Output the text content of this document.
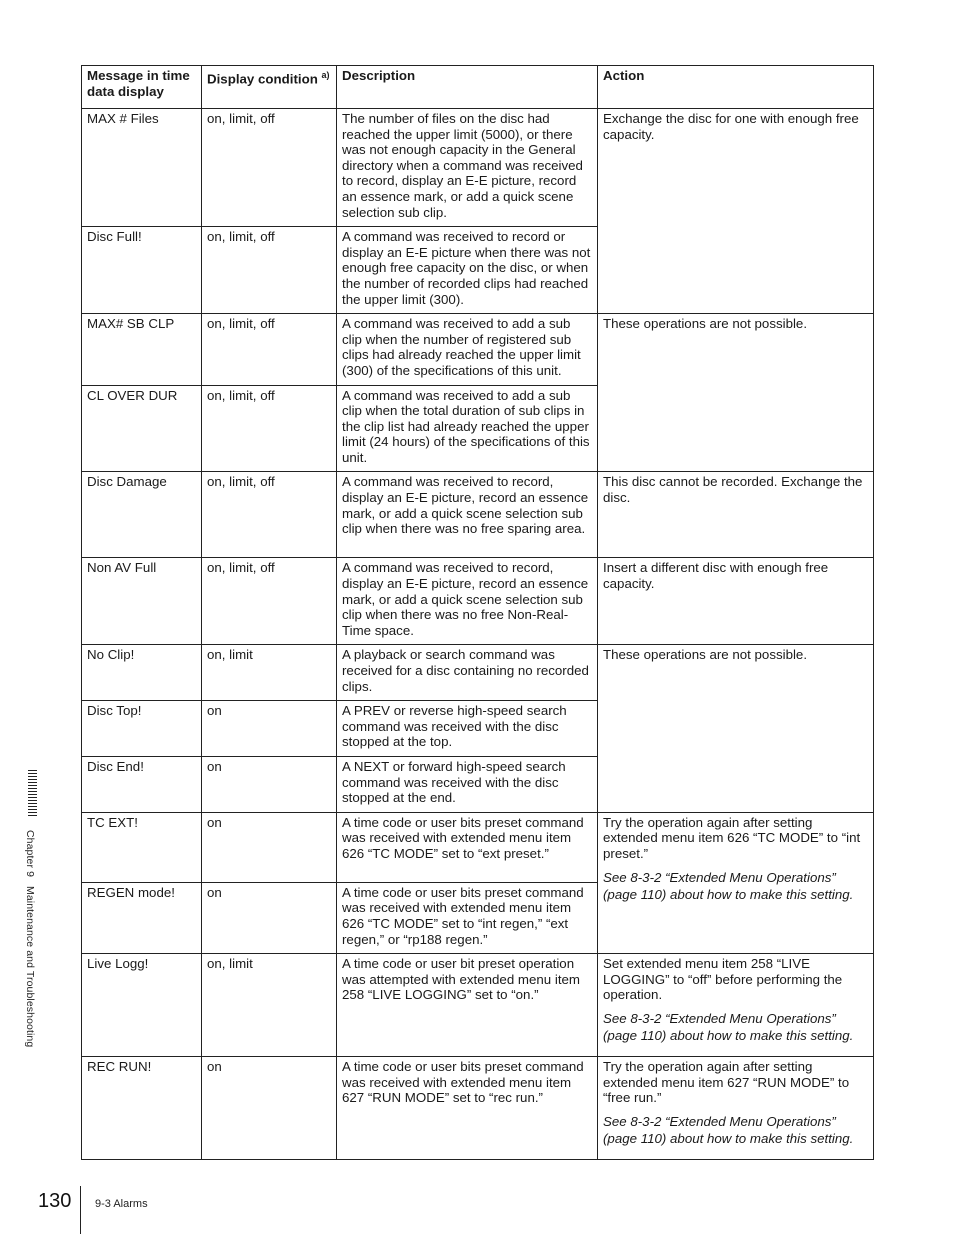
Message in time data display	Display condition $^{a)}$	Description	Action
MAX # Files	on, limit, off	The number of files on the disc had reached the upper limit (5000), or there was not enough capacity in the General directory when a command was received to record, display an E-E picture, record an essence mark, or add a quick scene selection sub clip.	Exchange the disc for one with enough free capacity.
Disc Full!	on, limit, off	A command was received to record or display an E-E picture when there was not enough free capacity on the disc, or when the number of recorded clips had reached the upper limit (300).	
MAX# SB CLP	on, limit, off	A command was received to add a sub clip when the number of registered sub clips had already reached the upper limit (300) of the specifications of this unit.	These operations are not possible.
CL OVER DUR	on, limit, off	A command was received to add a sub clip when the total duration of sub clips in the clip list had already reached the upper limit (24 hours) of the specifications of this unit.	
Disc Damage	on, limit, off	A command was received to record, display an E-E picture, record an essence mark, or add a quick scene selection sub clip when there was no free sparing area.	This disc cannot be recorded. Exchange the disc.
Non AV Full	on, limit, off	A command was received to record, display an E-E picture, record an essence mark, or add a quick scene selection sub clip when there was no free Non-Real-Time space.	Insert a different disc with enough free capacity.
No Clip!	on, limit	A playback or search command was received for a disc containing no recorded clips.	These operations are not possible.
Disc Top!	on	A PREV or reverse high-speed search command was received with the disc stopped at the top.	
Disc End!	on	A NEXT or forward high-speed search command was received with the disc stopped at the end.	
TC EXT!	on	A time code or user bits preset command was received with extended menu item 626 “TC MODE” set to “ext preset.”	Try the operation again after setting extended menu item 626 “TC MODE” to “int preset.”
See 8-3-2 “Extended Menu Operations”
(page 110) about how to make this setting.

REGEN mode!	on	A time code or user bits preset command was received with extended menu item 626 “TC MODE” set to “int regen,” “ext regen,” or “rp188 regen.”	
Live Logg!	on, limit	A time code or user bit preset operation was attempted with extended menu item 258 “LIVE LOGGING” set to “on.”	Set extended menu item 258 “LIVE LOGGING” to “off” before performing the operation.
See 8-3-2 “Extended Menu Operations”
(page 110) about how to make this setting.

REC RUN!	on	A time code or user bits preset command was received with extended menu item 627 “RUN MODE” set to “rec run.”	Try the operation again after setting extended menu item 627 “RUN MODE” to “free run.”
See 8-3-2 “Extended Menu Operations”
(page 110) about how to make this setting.
Chapter 9 Maintenance and Troubleshooting
130 9-3 Alarms
